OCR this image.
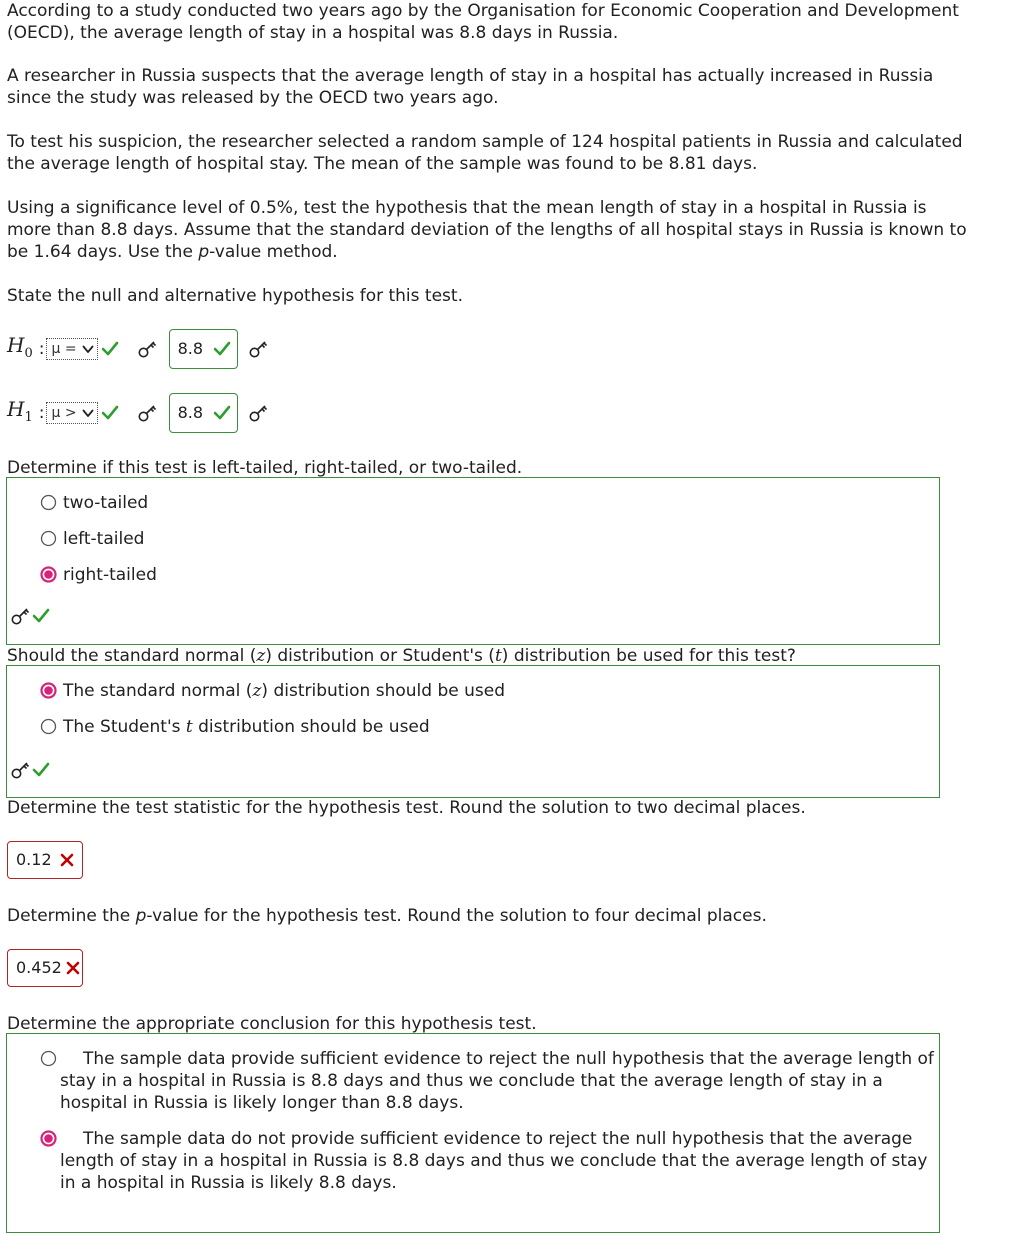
According to a study conducted two years ago by the Organisation for Economic Cooperation and Development (OECD), the average length of stay in a hospital was 8.8 days in Russia.

A researcher in Russia suspects that the average length of stay in a hospital has actually increased in Russia since the study was released by the OECD two years ago.

To test his suspicion, the researcher selected a random sample of 124 hospital patients in Russia and calculated the average length of hospital stay. The mean of the sample was found to be 8.81 days.

Using a significance level of 0.5%, test the hypothesis that the mean length of stay in a hospital in Russia is more than 8.8 days. Assume that the standard deviation of the lengths of all hospital stays in Russia is known to be 1.64 days. Use the p-value method.

State the null and alternative hypothesis for this test.

$H_0$ : μ =	8.8
$H_1$ : μ >	8.8

Determine if this test is left-tailed, right-tailed, or two-tailed.

two-tailed
left-tailed
right-tailed

Should the standard normal (z) distribution or Student's (t) distribution be used for this test?

The standard normal (z) distribution should be used
The Student's t distribution should be used

Determine the test statistic for the hypothesis test. Round the solution to two decimal places.

0.12

Determine the p-value for the hypothesis test. Round the solution to four decimal places.

0.452

Determine the appropriate conclusion for this hypothesis test.

The sample data provide sufficient evidence to reject the null hypothesis that the average length of stay in a hospital in Russia is 8.8 days and thus we conclude that the average length of stay in a hospital in Russia is likely longer than 8.8 days.
The sample data do not provide sufficient evidence to reject the null hypothesis that the average length of stay in a hospital in Russia is 8.8 days and thus we conclude that the average length of stay in a hospital in Russia is likely 8.8 days.
